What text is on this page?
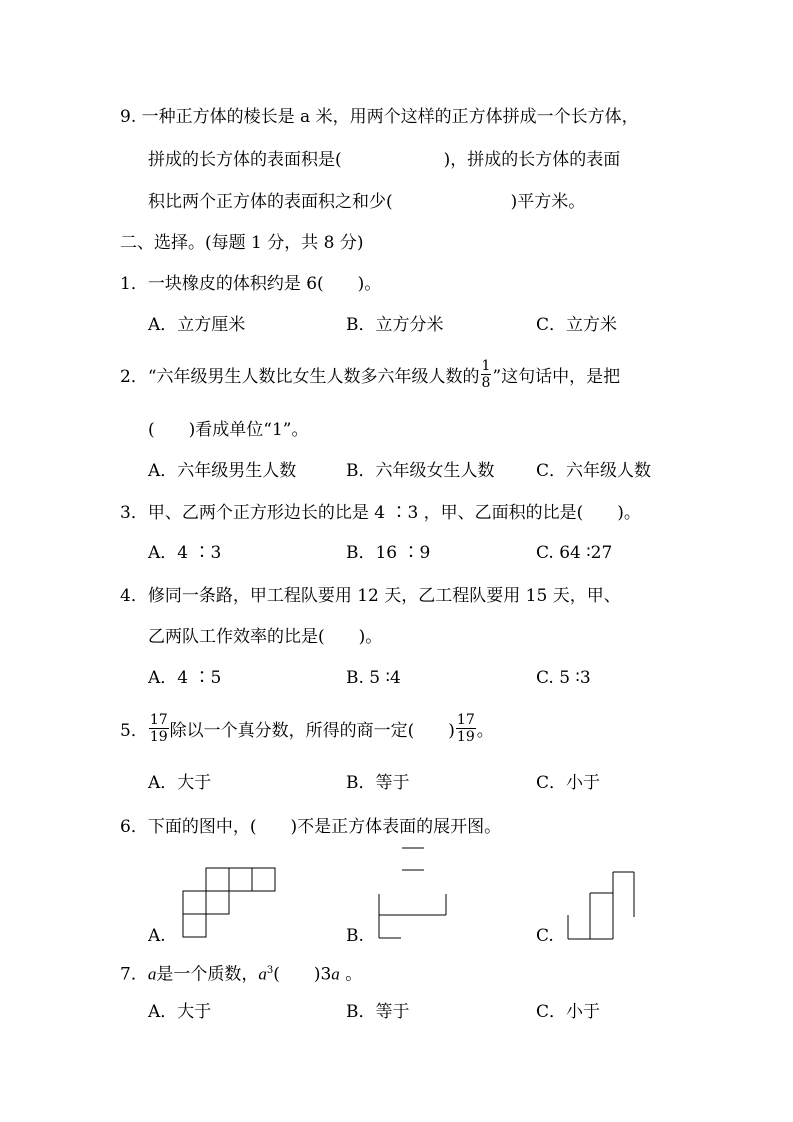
9. 一种正方体的棱长是 a 米，用两个这样的正方体拼成一个长方体，
拼成的长方体的表面积是(	)，拼成的长方体的表面
积比两个正方体的表面积之和少(	)平方米。
二、选择。(每题 1 分，共 8 分)
1．一块橡皮的体积约是 6(　　)。
A．立方厘米	B．立方分米	C．立方米
2．“六年级男生人数比女生人数多六年级人数的 $\frac{1}{8}$ ”这句话中，是把
(　　)看成单位“1”。
A．六年级男生人数	B．六年级女生人数 C．六年级人数
3．甲、乙两个正方形边长的比是 4 ∶3 ，甲、乙面积的比是(　　)。
A．4 ∶3	B．16 ∶9	C. 64 ∶27
4．修同一条路，甲工程队要用 12 天，乙工程队要用 15 天，甲、
乙两队工作效率的比是(　　)。
A．4 ∶5	B. 5 ∶4	C. 5 ∶3
5． $\frac{17}{19}$ 除以一个真分数，所得的商一定(　　) $\frac{17}{19}$ 。
A．大于	B．等于	C．小于
6．下面的图中，(　　)不是正方体表面的展开图。
A.	B.	C.
7．a是一个质数，$a^3$(　　)3a 。
A．大于	B．等于	C．小于
